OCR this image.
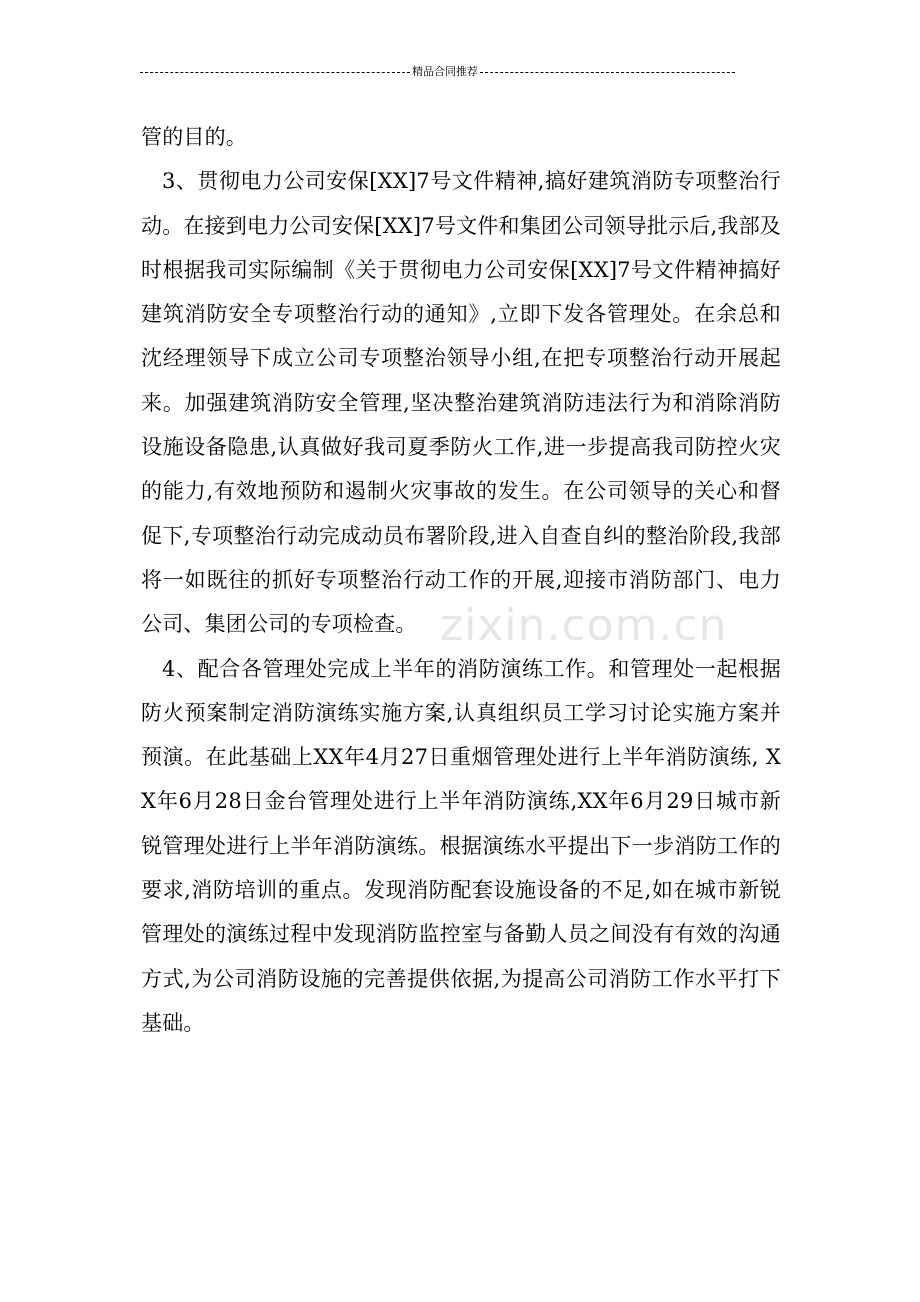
精品合同推荐
zixin.com.cn

管的目的。

3、贯彻电力公司安保[XX]7号文件精神,搞好建筑消防专项整治行动。在接到电力公司安保[XX]7号文件和集团公司领导批示后,我部及时根据我司实际编制《关于贯彻电力公司安保[XX]7号文件精神搞好建筑消防安全专项整治行动的通知》,立即下发各管理处。在余总和沈经理领导下成立公司专项整治领导小组,在把专项整治行动开展起来。加强建筑消防安全管理,坚决整治建筑消防违法行为和消除消防设施设备隐患,认真做好我司夏季防火工作,进一步提高我司防控火灾的能力,有效地预防和遏制火灾事故的发生。在公司领导的关心和督促下,专项整治行动完成动员布署阶段,进入自查自纠的整治阶段,我部将一如既往的抓好专项整治行动工作的开展,迎接市消防部门、电力公司、集团公司的专项检查。

4、配合各管理处完成上半年的消防演练工作。和管理处一起根据防火预案制定消防演练实施方案,认真组织员工学习讨论实施方案并预演。在此基础上XX年4月27日重烟管理处进行上半年消防演练, XX年6月28日金台管理处进行上半年消防演练,XX年6月29日城市新锐管理处进行上半年消防演练。根据演练水平提出下一步消防工作的要求,消防培训的重点。发现消防配套设施设备的不足,如在城市新锐管理处的演练过程中发现消防监控室与备勤人员之间没有有效的沟通方式,为公司消防设施的完善提供依据,为提高公司消防工作水平打下基础。
